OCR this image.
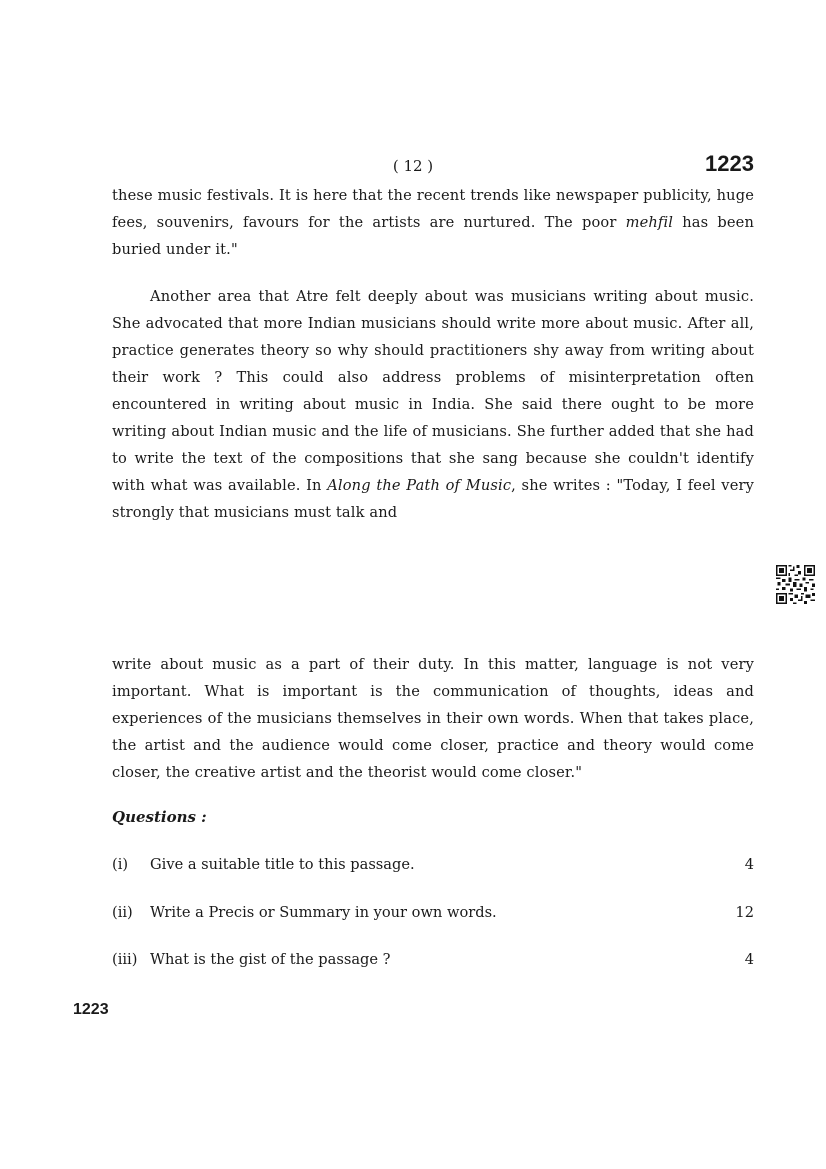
( 12 )	1223

these music festivals. It is here that the recent trends like newspaper publicity, huge fees, souvenirs, favours for the artists are nurtured. The poor mehfil has been buried under it."

Another area that Atre felt deeply about was musicians writing about music. She advocated that more Indian musicians should write more about music. After all, practice generates theory so why should practitioners shy away from writing about their work ? This could also address problems of misinterpretation often encountered in writing about music in India. She said there ought to be more writing about Indian music and the life of musicians. She further added that she had to write the text of the compositions that she sang because she couldn't identify with what was available. In Along the Path of Music, she writes : "Today, I feel very strongly that musicians must talk and

write about music as a part of their duty. In this matter, language is not very important. What is important is the communication of thoughts, ideas and experiences of the musicians themselves in their own words. When that takes place, the artist and the audience would come closer, practice and theory would come closer, the creative artist and the theorist would come closer."

Questions :
(i) Give a suitable title to this passage.	4
(ii) Write a Precis or Summary in your own words.	12
(iii) What is the gist of the passage ?	4
1223
